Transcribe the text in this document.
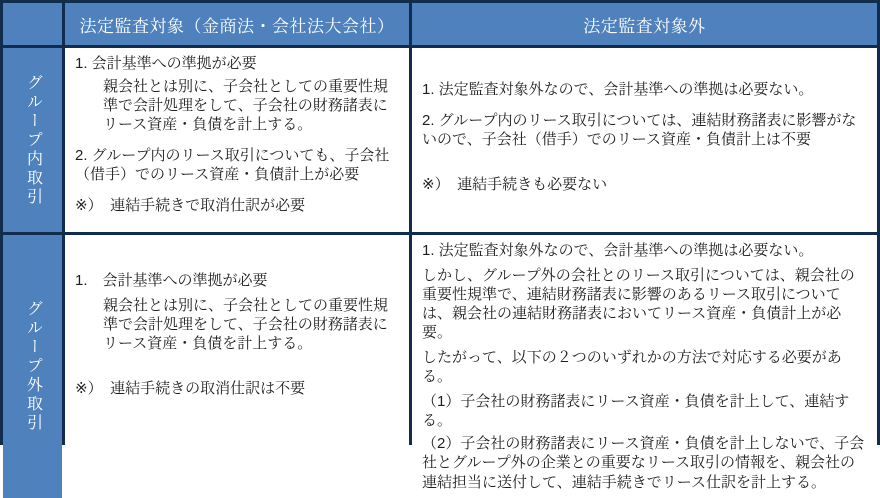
法定監査対象（金商法・会社法大会社）	法定監査対象外
グループ内取引

1. 会計基準への準拠が必要

親会社とは別に、子会社としての重要性規準で会計処理をして、子会社の財務諸表にリース資産・負債を計上する。

2. グループ内のリース取引についても、子会社（借手）でのリース資産・負債計上が必要

※）　連結手続きで取消仕訳が必要

1. 法定監査対象外なので、会計基準への準拠は必要ない。

2. グループ内のリース取引については、連結財務諸表に影響がないので、子会社（借手）でのリース資産・負債計上は不要

※）　連結手続きも必要ない

グループ外取引

1.　会計基準への準拠が必要

親会社とは別に、子会社としての重要性規準で会計処理をして、子会社の財務諸表にリース資産・負債を計上する。

※）　連結手続きの取消仕訳は不要

1. 法定監査対象外なので、会計基準への準拠は必要ない。

しかし、グループ外の会社とのリース取引については、親会社の重要性規準で、連結財務諸表に影響のあるリース取引については、親会社の連結財務諸表においてリース資産・負債計上が必要。

したがって、以下の２つのいずれかの方法で対応する必要がある。

（1）子会社の財務諸表にリース資産・負債を計上して、連結する。

（2）子会社の財務諸表にリース資産・負債を計上しないで、子会社とグループ外の企業との重要なリース取引の情報を、親会社の連結担当に送付して、連結手続きでリース仕訳を計上する。
